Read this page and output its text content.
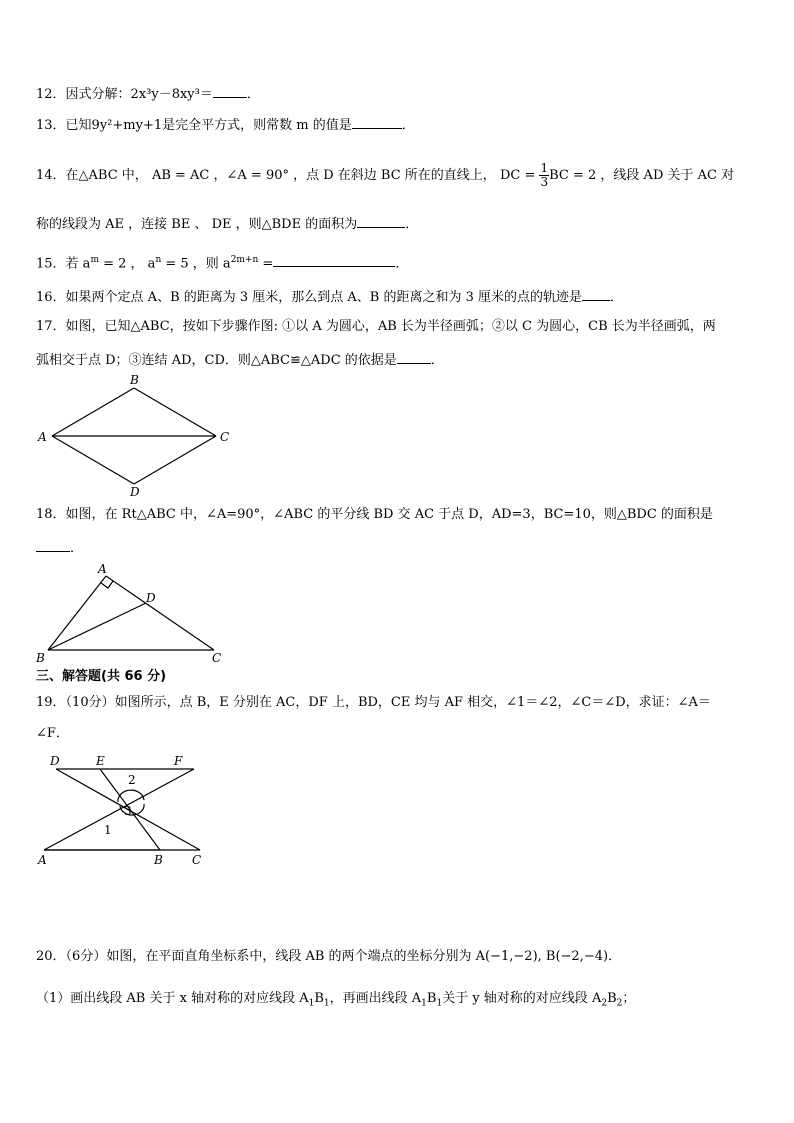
12．因式分解：2x³y－8xy³＝	．
13．已知9y²+my+1是完全平方式，则常数 m 的值是	．
14．在△ABC 中， AB = AC ，∠A = 90° ，点 D 在斜边 BC 所在的直线上， DC = $\frac{1}{3}$ BC = 2 ，线段 AD 关于 AC 对
称的线段为 AE ，连接 BE 、 DE ，则△BDE 的面积为	．
15．若 $a^m = 2$ ， $a^n = 5$ ，则 $a^{2m+n}$ =	．
16．如果两个定点 A、B 的距离为 3 厘米，那么到点 A、B 的距离之和为 3 厘米的点的轨迹是 ．
17．如图，已知△ABC，按如下步骤作图: ①以 A 为圆心，AB 长为半径画弧；②以 C 为圆心，CB 长为半径画弧，两
弧相交于点 D；③连结 AD，CD．则△ABC≌△ADC 的依据是	．
B
A	C
D
18．如图，在 Rt△ABC 中，∠A=90°，∠ABC 的平分线 BD 交 AC 于点 D，AD=3，BC=10，则△BDC 的面积是
．
A
D
B	C
三、解答题(共 66 分)
19．（10分）如图所示，点 B，E 分别在 AC，DF 上，BD，CE 均与 AF 相交，∠1＝∠2，∠C＝∠D，求证：∠A＝
∠F．
D	E	F
2
3
1
A	B C
20．（6分）如图，在平面直角坐标系中，线段 AB 的两个端点的坐标分别为 A(−1,−2), B(−2,−4)．
（1）画出线段 AB 关于 x 轴对称的对应线段 $A_1B_1$，再画出线段 $A_1B_1$关于 y 轴对称的对应线段 $A_2B_2$；
